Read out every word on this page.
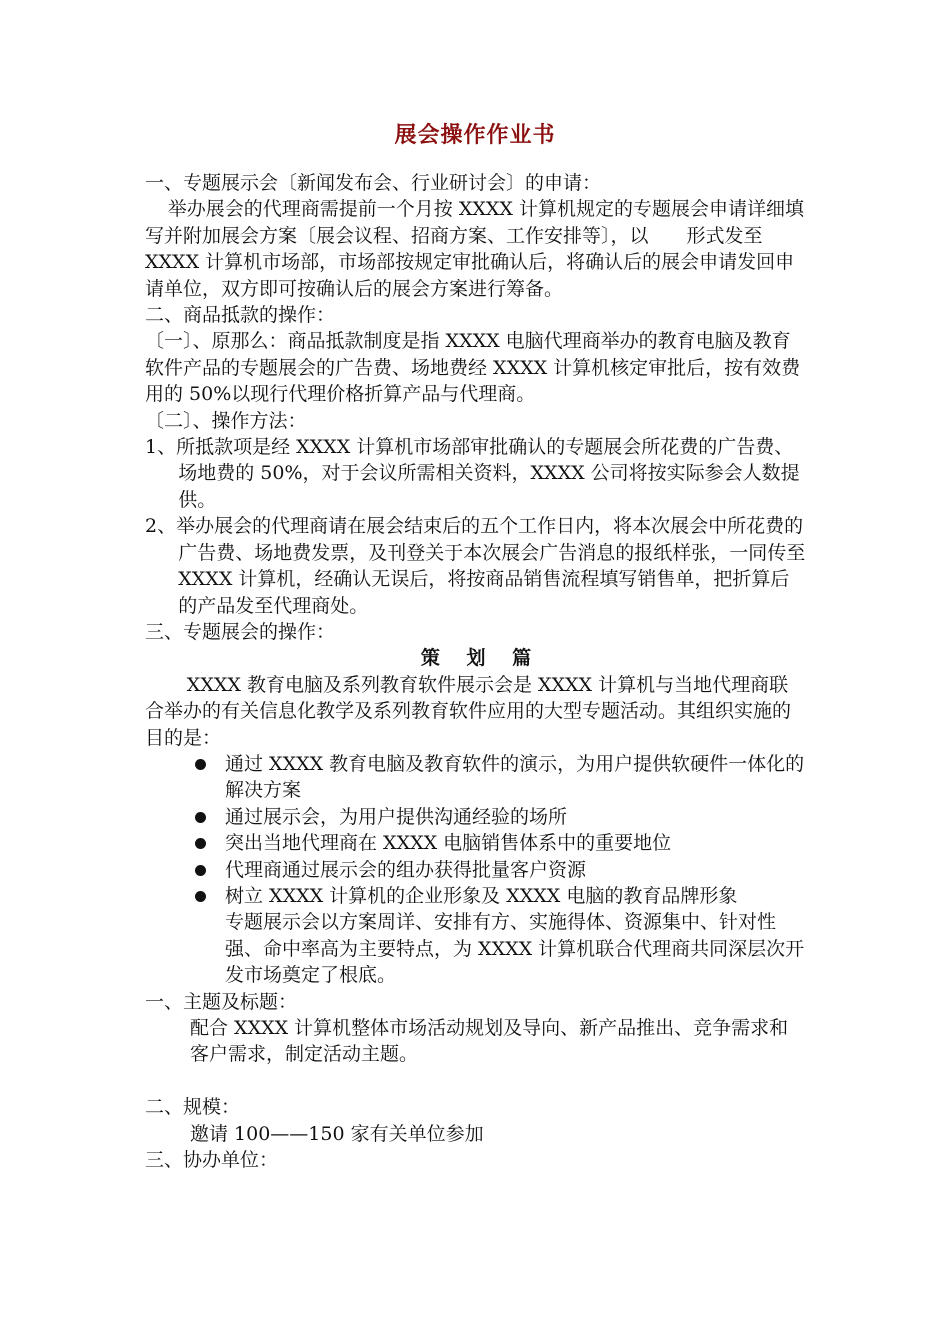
展会操作作业书

一、专题展示会〔新闻发布会、行业研讨会〕的申请：

举办展会的代理商需提前一个月按 XXXX 计算机规定的专题展会申请详细填写并附加展会方案〔展会议程、招商方案、工作安排等〕，以　　形式发至 XXXX 计算机市场部，市场部按规定审批确认后，将确认后的展会申请发回申请单位，双方即可按确认后的展会方案进行筹备。

二、商品抵款的操作：

〔一〕、原那么：商品抵款制度是指 XXXX 电脑代理商举办的教育电脑及教育软件产品的专题展会的广告费、场地费经 XXXX 计算机核定审批后，按有效费用的 50%以现行代理价格折算产品与代理商。

〔二〕、操作方法：

1、所抵款项是经 XXXX 计算机市场部审批确认的专题展会所花费的广告费、场地费的 50%，对于会议所需相关资料，XXXX 公司将按实际参会人数提供。

2、举办展会的代理商请在展会结束后的五个工作日内，将本次展会中所花费的广告费、场地费发票，及刊登关于本次展会广告消息的报纸样张，一同传至 XXXX 计算机，经确认无误后，将按商品销售流程填写销售单，把折算后的产品发至代理商处。

三、专题展会的操作：

策划篇

XXXX 教育电脑及系列教育软件展示会是 XXXX 计算机与当地代理商联合举办的有关信息化教学及系列教育软件应用的大型专题活动。其组织实施的目的是：

通过 XXXX 教育电脑及教育软件的演示，为用户提供软硬件一体化的解决方案
通过展示会，为用户提供沟通经验的场所
突出当地代理商在 XXXX 电脑销售体系中的重要地位
代理商通过展示会的组办获得批量客户资源
树立 XXXX 计算机的企业形象及 XXXX 电脑的教育品牌形象

专题展示会以方案周详、安排有方、实施得体、资源集中、针对性强、命中率高为主要特点，为 XXXX 计算机联合代理商共同深层次开发市场奠定了根底。

一、主题及标题：

配合 XXXX 计算机整体市场活动规划及导向、新产品推出、竞争需求和客户需求，制定活动主题。

二、规模：

邀请 100——150 家有关单位参加

三、协办单位：
